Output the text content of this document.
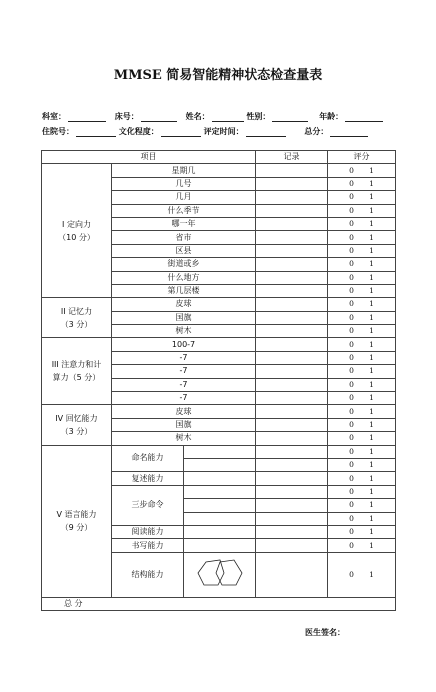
MMSE 简易智能精神状态检查量表
科室：	床号：	姓名：	性别：	年龄：
住院号：	文化程度：	评定时间：	总分：
项目			记录	评分

I 定向力
（10 分）	星期几			0 1
	几号			0 1
	几月			0 1
	什么季节			0 1
	哪一年			0 1
	省市			0 1
	区县			0 1
	街道或乡			0 1
	什么地方			0 1
	第几层楼			0 1

II 记忆力
（3 分）	皮球			0 1
	国旗			0 1
	树木			0 1

III 注意力和计
算力（5 分）	100-7			0 1
	-7			0 1
	-7			0 1
	-7			0 1
	-7			0 1

IV 回忆能力
（3 分）	皮球			0 1
	国旗			0 1
	树木			0 1

V 语言能力
（9 分）	命名能力			0 1
				0 1
	复述能力			0 1
	三步命令			0 1
				0 1
				0 1
	阅读能力			0 1
	书写能力			0 1
	结构能力			0 1
总 分				
医生签名：
